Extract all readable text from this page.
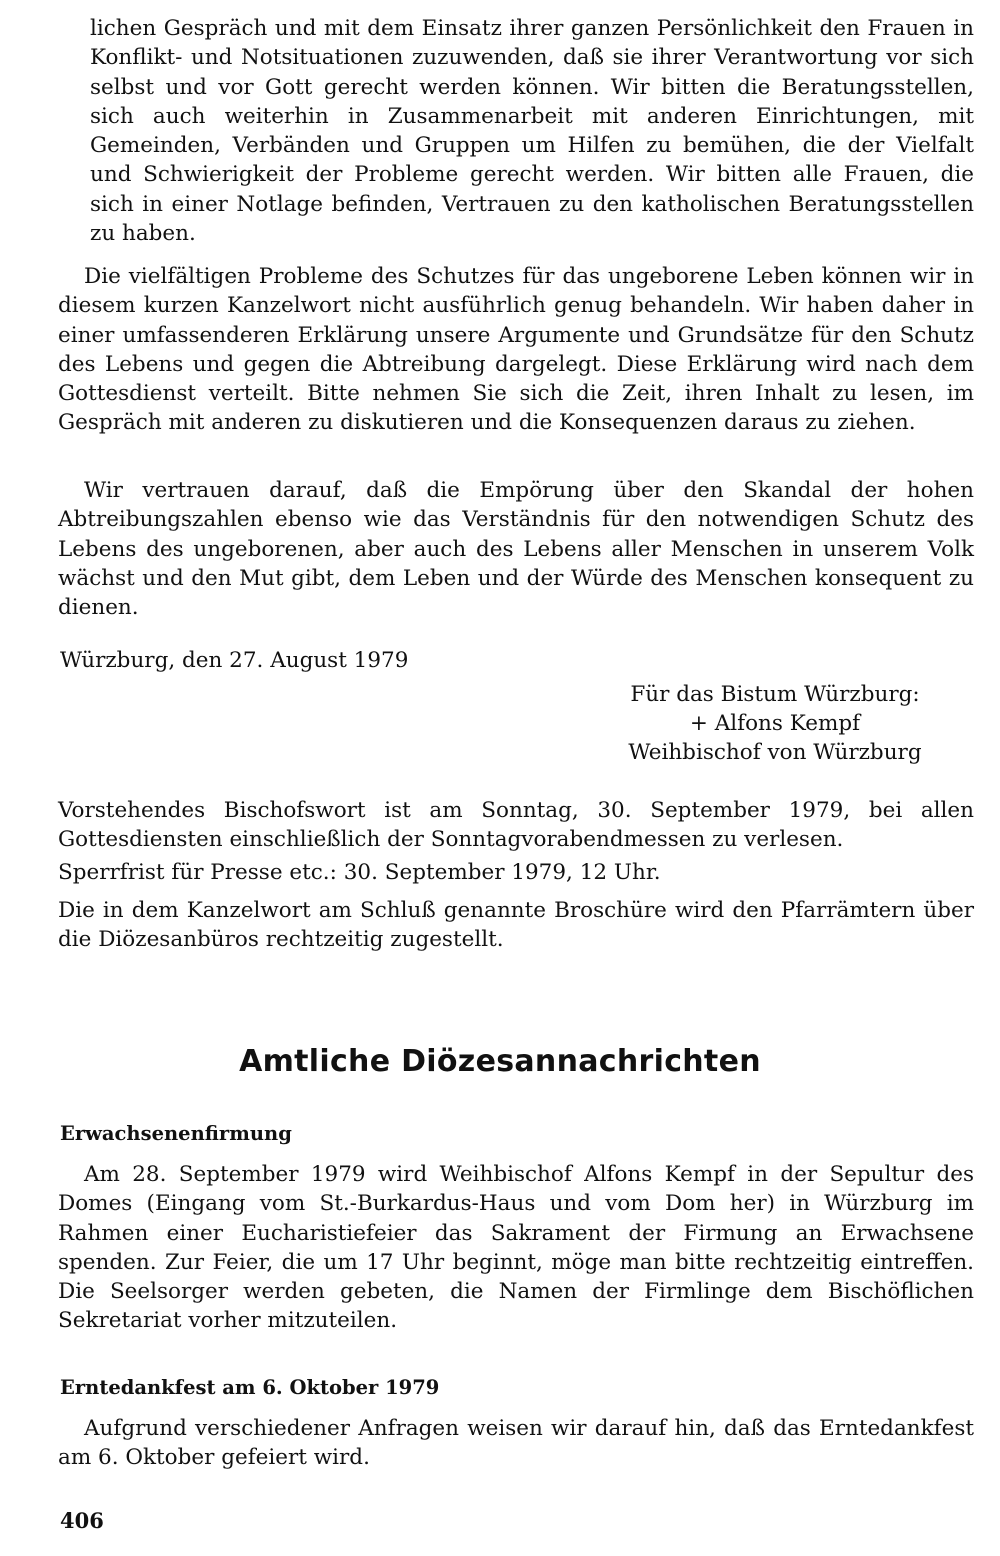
lichen Gespräch und mit dem Einsatz ihrer ganzen Persönlichkeit den Frauen in Konflikt- und Notsituationen zuzuwenden, daß sie ihrer Verantwortung vor sich selbst und vor Gott gerecht werden können. Wir bitten die Beratungsstellen, sich auch weiterhin in Zusammenarbeit mit anderen Einrichtungen, mit Gemeinden, Verbänden und Gruppen um Hilfen zu bemühen, die der Vielfalt und Schwierigkeit der Probleme gerecht werden. Wir bitten alle Frauen, die sich in einer Notlage befinden, Vertrauen zu den katholischen Beratungsstellen zu haben.

Die vielfältigen Probleme des Schutzes für das ungeborene Leben können wir in diesem kurzen Kanzelwort nicht ausführlich genug behandeln. Wir haben daher in einer umfassenderen Erklärung unsere Argumente und Grundsätze für den Schutz des Lebens und gegen die Abtreibung dargelegt. Diese Erklärung wird nach dem Gottesdienst verteilt. Bitte nehmen Sie sich die Zeit, ihren Inhalt zu lesen, im Gespräch mit anderen zu diskutieren und die Konsequenzen daraus zu ziehen.

Wir vertrauen darauf, daß die Empörung über den Skandal der hohen Abtreibungszahlen ebenso wie das Verständnis für den notwendigen Schutz des Lebens des ungeborenen, aber auch des Lebens aller Menschen in unserem Volk wächst und den Mut gibt, dem Leben und der Würde des Menschen konsequent zu dienen.

Würzburg, den 27. August 1979
Für das Bistum Würzburg:
+ Alfons Kempf
Weihbischof von Würzburg

Vorstehendes Bischofswort ist am Sonntag, 30. September 1979, bei allen Gottesdiensten einschließlich der Sonntagvorabendmessen zu verlesen.

Sperrfrist für Presse etc.: 30. September 1979, 12 Uhr.

Die in dem Kanzelwort am Schluß genannte Broschüre wird den Pfarrämtern über die Diözesanbüros rechtzeitig zugestellt.

Amtliche Diözesannachrichten
Erwachsenenfirmung

Am 28. September 1979 wird Weihbischof Alfons Kempf in der Sepultur des Domes (Eingang vom St.-Burkardus-Haus und vom Dom her) in Würzburg im Rahmen einer Eucharistiefeier das Sakrament der Firmung an Erwachsene spenden. Zur Feier, die um 17 Uhr beginnt, möge man bitte rechtzeitig eintreffen. Die Seelsorger werden gebeten, die Namen der Firmlinge dem Bischöflichen Sekretariat vorher mitzuteilen.

Erntedankfest am 6. Oktober 1979

Aufgrund verschiedener Anfragen weisen wir darauf hin, daß das Erntedankfest am 6. Oktober gefeiert wird.

406
